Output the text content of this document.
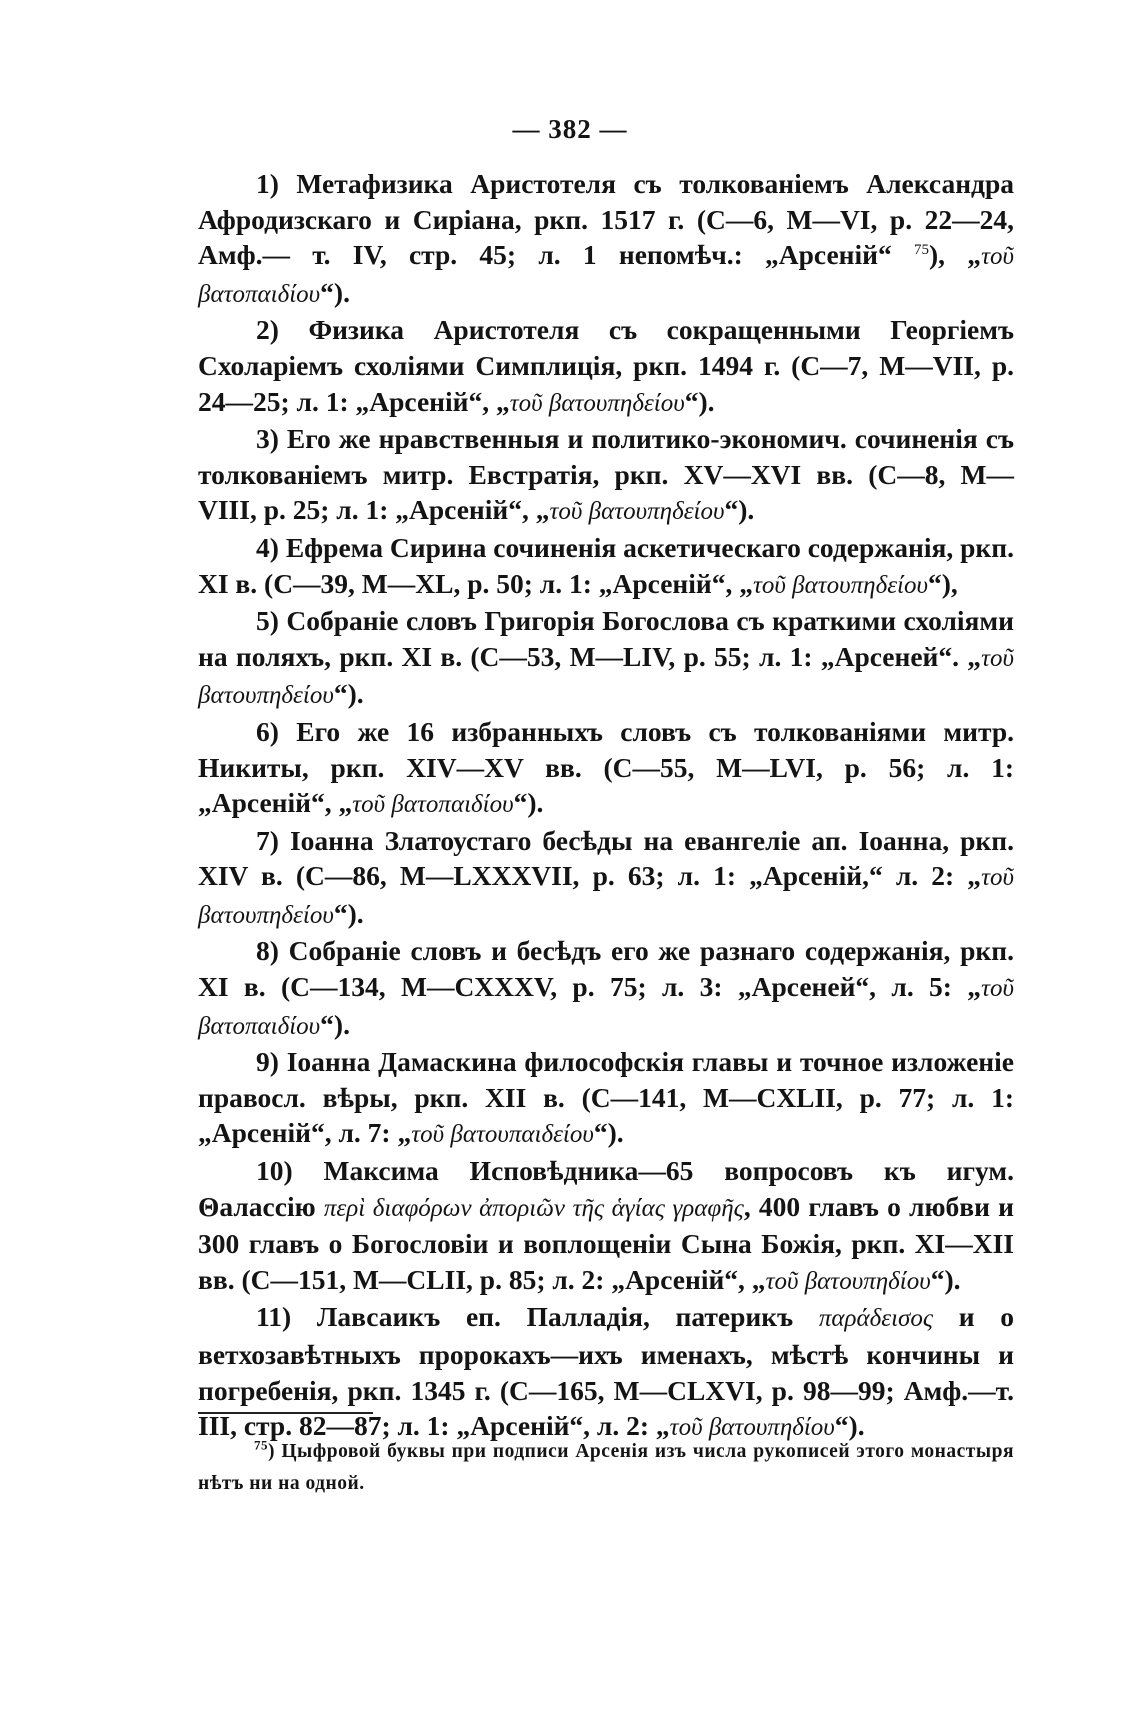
— 382 —

1) Метафизика Аристотеля съ толкованіемъ Александра Афродизскаго и Сиріана, ркп. 1517 г. (С—6, М—VI, р. 22—24, Амф.— т. IV, стр. 45; л. 1 непомѣч.: „Арсеній“ $^{75}$), „τοῦ βατοπαιδίου“).

2) Физика Аристотеля съ сокращенными Георгіемъ Схоларіемъ схоліями Симплиція, ркп. 1494 г. (С—7, М—VII, р. 24—25; л. 1: „Арсеній“, „τοῦ βατουπηδείου“).

3) Его же нравственныя и политико-экономич. сочиненія съ толкованіемъ митр. Евстратія, ркп. XV—XVI вв. (С—8, М—VIII, р. 25; л. 1: „Арсеній“, „τοῦ βατουπηδείου“).

4) Ефрема Сирина сочиненія аскетическаго содержанія, ркп. XI в. (С—39, М—XL, р. 50; л. 1: „Арсеній“, „τοῦ βατουπηδείου“),

5) Собраніе словъ Григорія Богослова съ краткими схоліями на поляхъ, ркп. XI в. (С—53, М—LIV, р. 55; л. 1: „Арсеней“. „τοῦ βατουπηδείου“).

6) Его же 16 избранныхъ словъ съ толкованіями митр. Никиты, ркп. XIV—XV вв. (С—55, М—LVI, р. 56; л. 1: „Арсеній“, „τοῦ βατοπαιδίου“).

7) Іоанна Златоустаго бесѣды на евангеліе ап. Іоанна, ркп. XIV в. (С—86, М—LXXXVII, р. 63; л. 1: „Арсеній,“ л. 2: „τοῦ βατουπηδείου“).

8) Собраніе словъ и бесѣдъ его же разнаго содержанія, ркп. XI в. (С—134, М—CXXXV, р. 75; л. 3: „Арсеней“, л. 5: „τοῦ βατοπαιδίου“).

9) Іоанна Дамаскина философскія главы и точное изложеніе правосл. вѣры, ркп. XII в. (С—141, М—CXLII, р. 77; л. 1: „Арсеній“, л. 7: „τοῦ βατουπαιδείου“).

10) Максима Исповѣдника—65 вопросовъ къ игум. Θалассію περὶ διαφόρων ἀποριῶν τῆς ἁγίας γραφῆς, 400 главъ о любви и 300 главъ о Богословіи и воплощеніи Сына Божія, ркп. XI—XII вв. (С—151, М—CLII, р. 85; л. 2: „Арсеній“, „τοῦ βατουπηδίου“).

11) Лавсаикъ еп. Палладія, патерикъ παράδεισος и о ветхозавѣтныхъ пророкахъ—ихъ именахъ, мѣстѣ кончины и погребенія, ркп. 1345 г. (С—165, М—CLXVI, р. 98—99; Амф.—т. III, стр. 82—87; л. 1: „Арсеній“, л. 2: „τοῦ βατουπηδίου“).

$^{75}$) Цыфровой буквы при подписи Арсенія изъ числа рукописей этого монастыря нѣтъ ни на одной.
